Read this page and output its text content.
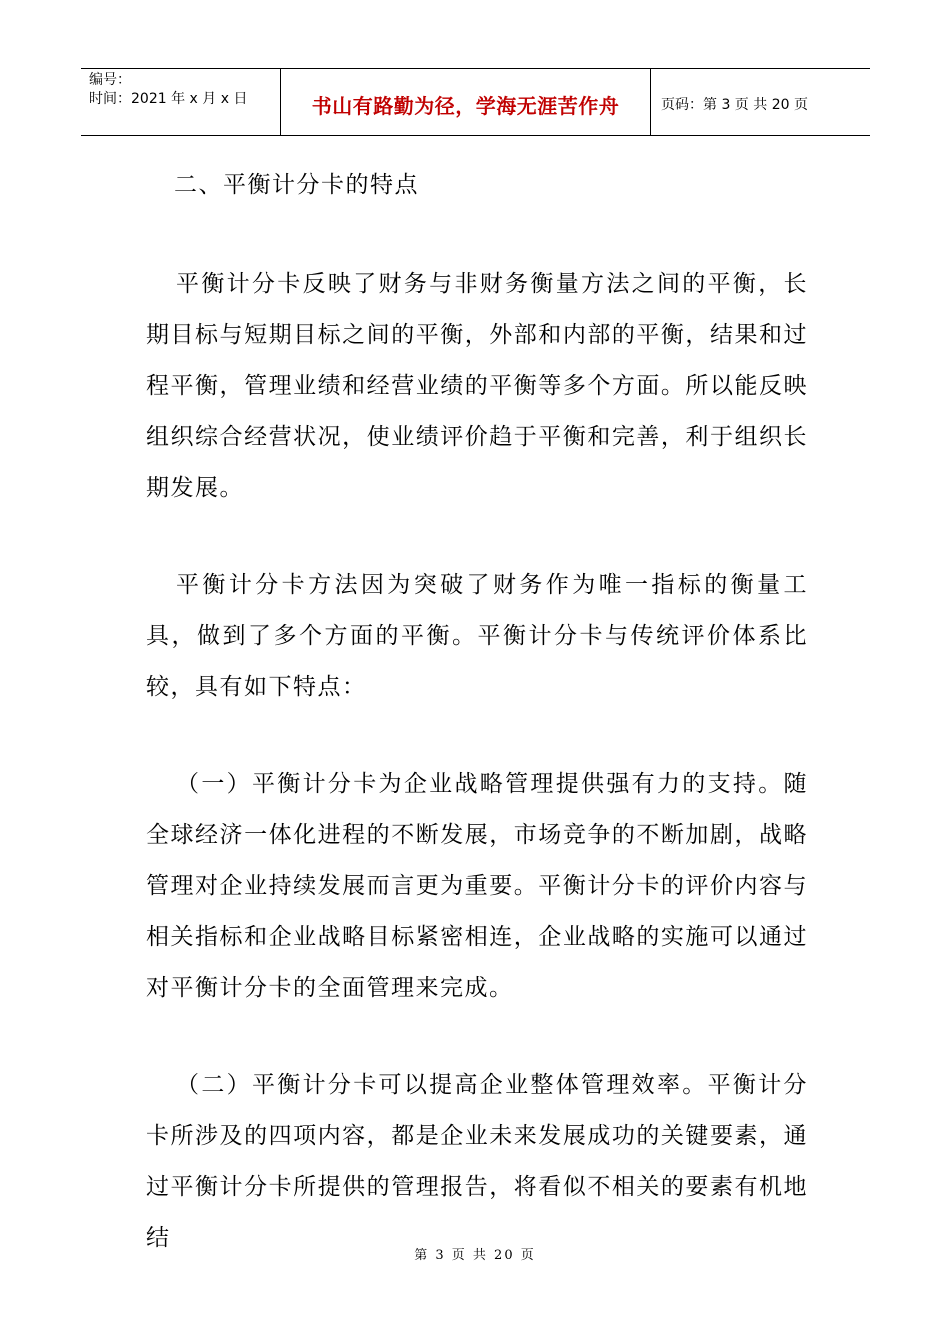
编号：
时间：2021 年 x 月 x 日	书山有路勤为径，学海无涯苦作舟	页码：第 3 页 共 20 页

二、平衡计分卡的特点

平衡计分卡反映了财务与非财务衡量方法之间的平衡，长期目标与短期目标之间的平衡，外部和内部的平衡，结果和过程平衡，管理业绩和经营业绩的平衡等多个方面。所以能反映组织综合经营状况，使业绩评价趋于平衡和完善，利于组织长期发展。

平衡计分卡方法因为突破了财务作为唯一指标的衡量工具，做到了多个方面的平衡。平衡计分卡与传统评价体系比较，具有如下特点：

（一）平衡计分卡为企业战略管理提供强有力的支持。随全球经济一体化进程的不断发展，市场竞争的不断加剧，战略管理对企业持续发展而言更为重要。平衡计分卡的评价内容与相关指标和企业战略目标紧密相连，企业战略的实施可以通过对平衡计分卡的全面管理来完成。

（二）平衡计分卡可以提高企业整体管理效率。平衡计分卡所涉及的四项内容，都是企业未来发展成功的关键要素，通过平衡计分卡所提供的管理报告，将看似不相关的要素有机地结

第 3 页 共 20 页
